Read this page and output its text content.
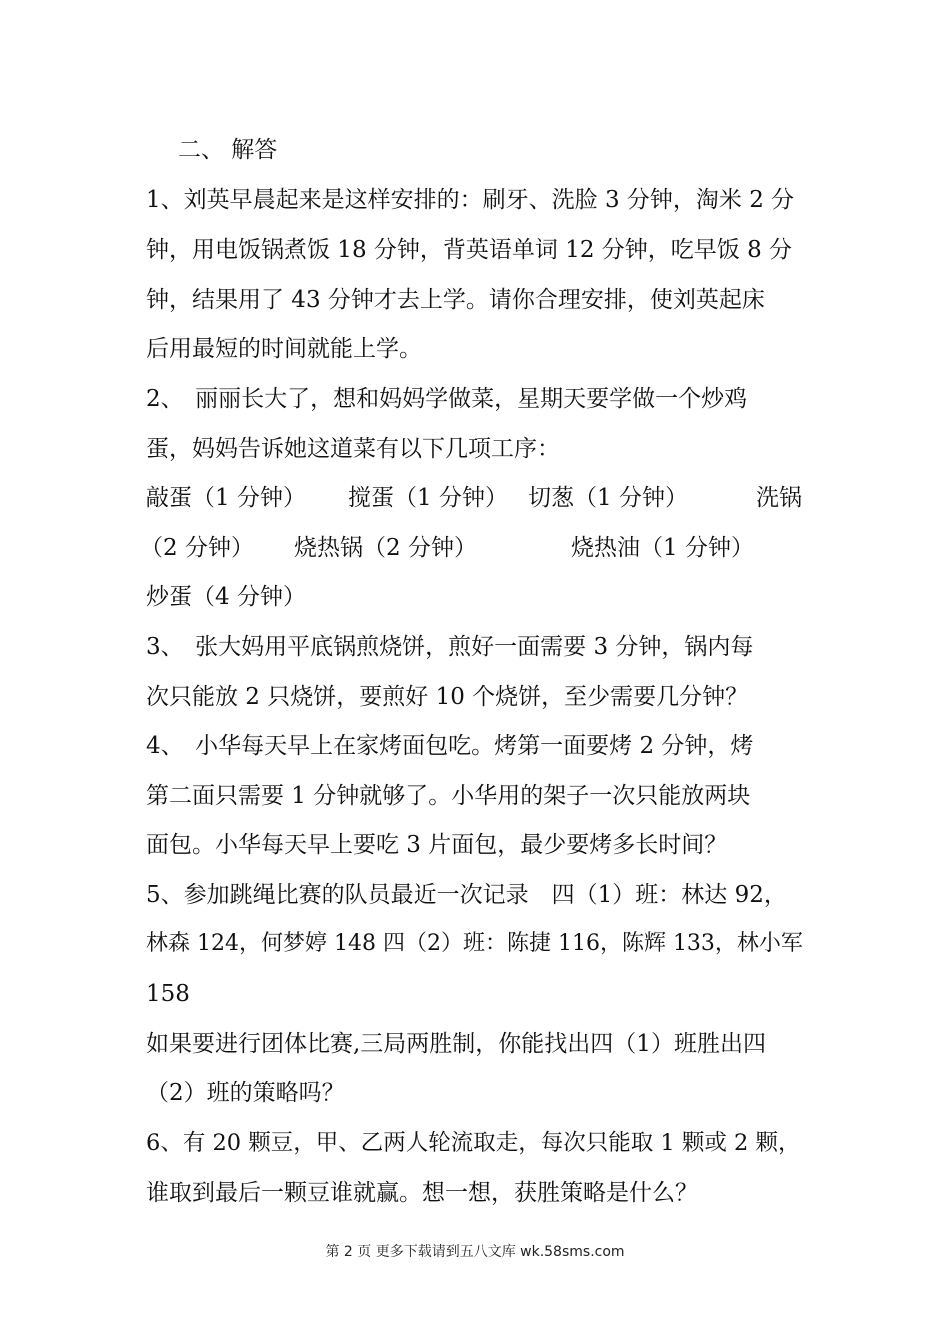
二、 解答
1、刘英早晨起来是这样安排的：刷牙、洗脸 3 分钟，淘米 2 分
钟，用电饭锅煮饭 18 分钟，背英语单词 12 分钟，吃早饭 8 分
钟，结果用了 43 分钟才去上学。请你合理安排，使刘英起床
后用最短的时间就能上学。
2、　丽丽长大了，想和妈妈学做菜，星期天要学做一个炒鸡
蛋，妈妈告诉她这道菜有以下几项工序：
敲蛋（1 分钟） 搅蛋（1 分钟） 切葱（1 分钟）	洗锅
（2 分钟） 烧热锅（2 分钟）	烧热油（1 分钟）
炒蛋（4 分钟）
3、　张大妈用平底锅煎烧饼，煎好一面需要 3 分钟，锅内每
次只能放 2 只烧饼，要煎好 10 个烧饼，至少需要几分钟？
4、　小华每天早上在家烤面包吃。烤第一面要烤 2 分钟，烤
第二面只需要 1 分钟就够了。小华用的架子一次只能放两块
面包。小华每天早上要吃 3 片面包，最少要烤多长时间？
5、参加跳绳比赛的队员最近一次记录　四（1）班：林达 92，
林森 124，何梦婷 148 四（2）班：陈捷 116，陈辉 133，林小军
158
如果要进行团体比赛,三局两胜制，你能找出四（1）班胜出四
（2）班的策略吗？
6、有 20 颗豆，甲、乙两人轮流取走，每次只能取 1 颗或 2 颗，
谁取到最后一颗豆谁就赢。想一想，获胜策略是什么？
第 2 页 更多下载请到五八文库 wk.58sms.com
